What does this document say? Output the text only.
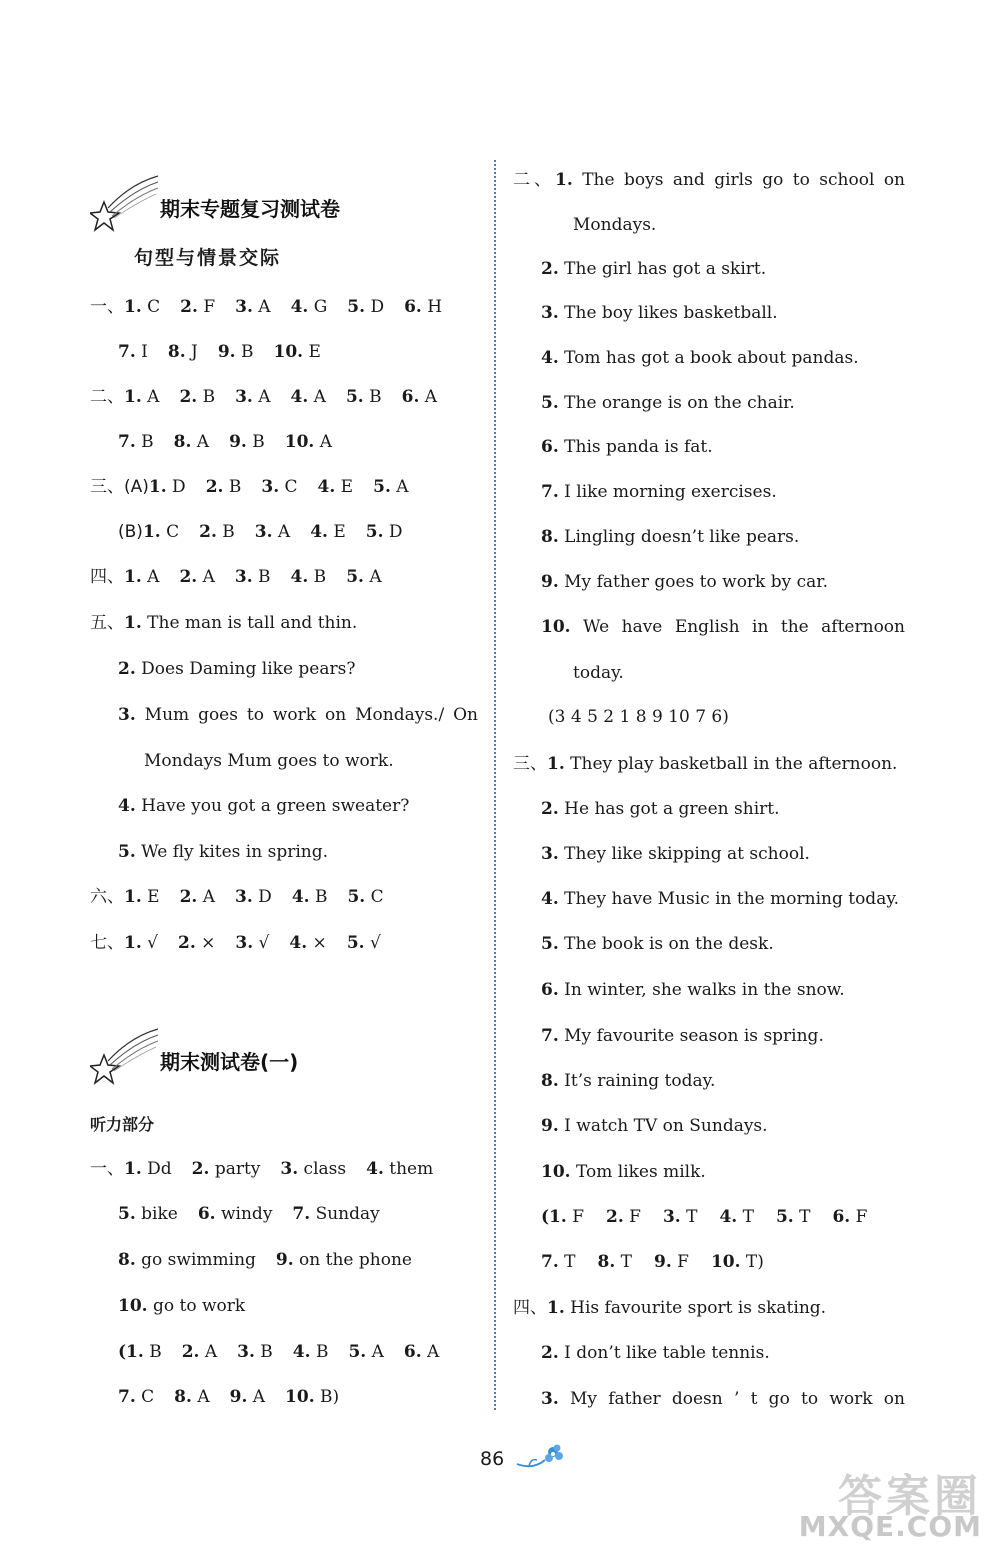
期末专题复习测试卷
句型与情景交际
一、1. C 2. F 3. A 4. G 5. D 6. H
7. I 8. J 9. B 10. E
二、1. A 2. B 3. A 4. A 5. B 6. A
7. B 8. A 9. B 10. A
三、(A)1. D 2. B 3. C 4. E 5. A
(B)1. C 2. B 3. A 4. E 5. D
四、1. A 2. A 3. B 4. B 5. A
五、1. The man is tall and thin.
2. Does Daming like pears?
3. Mum goes to work on Mondays./ On
Mondays Mum goes to work.
4. Have you got a green sweater?
5. We fly kites in spring.
六、1. E 2. A 3. D 4. B 5. C
七、1. √ 2. × 3. √ 4. × 5. √
期末测试卷(一)
听力部分
一、1. Dd 2. party 3. class 4. them
5. bike 6. windy 7. Sunday
8. go swimming 9. on the phone
10. go to work
(1. B 2. A 3. B 4. B 5. A 6. A
7. C 8. A 9. A 10. B)
二、1. The boys and girls go to school on
Mondays.
2. The girl has got a skirt.
3. The boy likes basketball.
4. Tom has got a book about pandas.
5. The orange is on the chair.
6. This panda is fat.
7. I like morning exercises.
8. Lingling doesn’t like pears.
9. My father goes to work by car.
10. We have English in the afternoon
today.
(3 4 5 2 1 8 9 10 7 6)
三、1. They play basketball in the afternoon.
2. He has got a green shirt.
3. They like skipping at school.
4. They have Music in the morning today.
5. The book is on the desk.
6. In winter, she walks in the snow.
7. My favourite season is spring.
8. It’s raining today.
9. I watch TV on Sundays.
10. Tom likes milk.
(1. F 2. F 3. T 4. T 5. T 6. F
7. T 8. T 9. F 10. T)
四、1. His favourite sport is skating.
2. I don’t like table tennis.
3. My father doesn ’ t go to work on
86
答案圈
MXQE.COM
